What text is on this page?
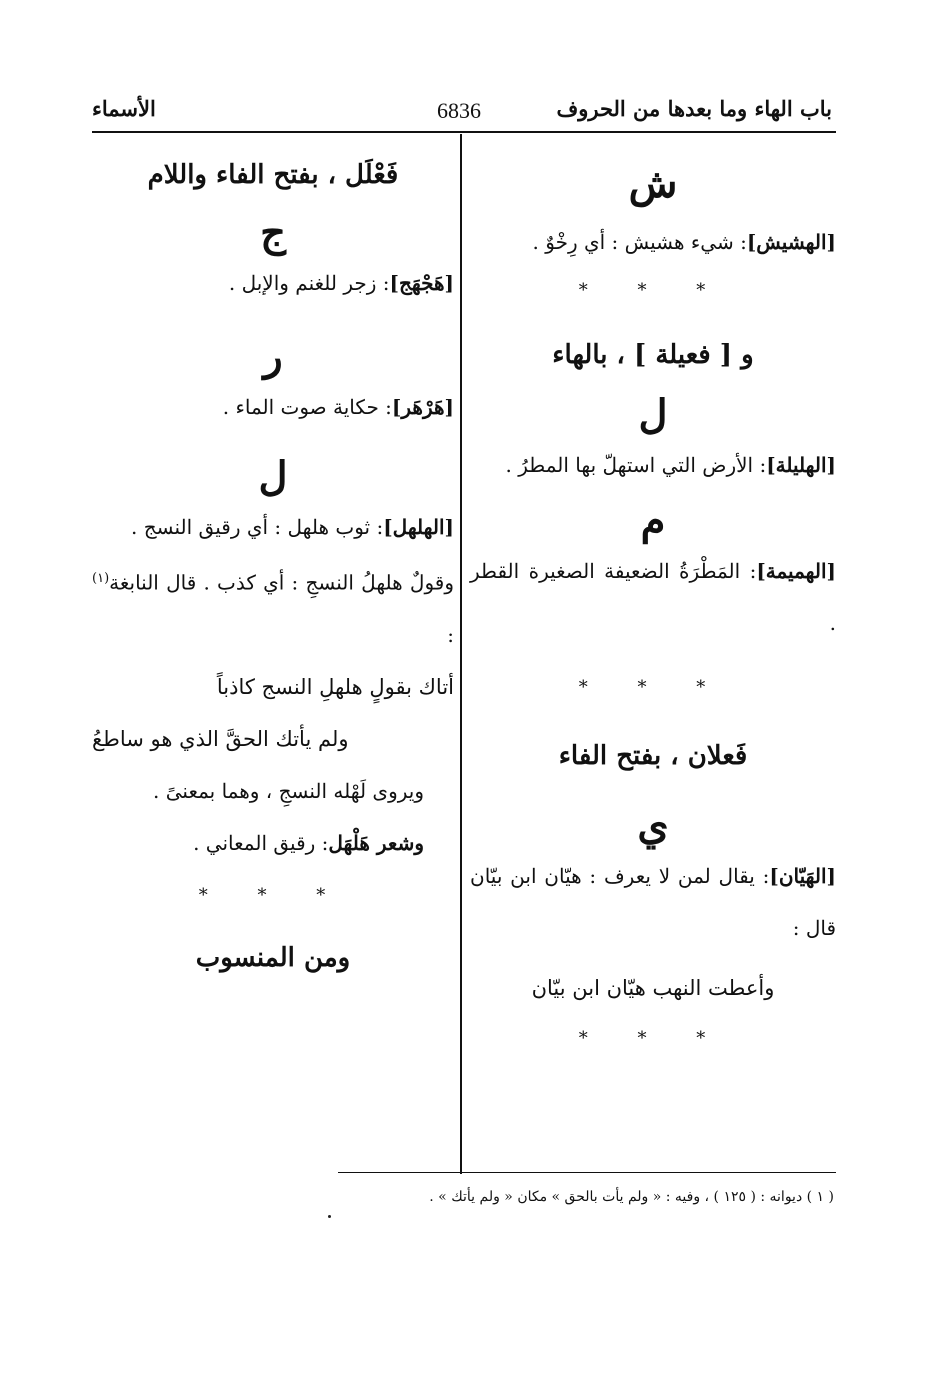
باب الهاء وما بعدها من الحروف
6836
الأسماء
ش
[الهشيش]: شيء هشيش : أي رِخْوٌ .
* * *
و [ فعيلة ] ، بالهاء
ل
[الهليلة]: الأرض التي استهلّ بها المطرُ .
م
[الهميمة]: المَطْرَةُ الضعيفة الصغيرة القطر .
* * *
فَعلان ، بفتح الفاء
ي
[الهَيّان]: يقال لمن لا يعرف : هيّان ابن بيّان قال :
وأعطت النهب هيّان ابن بيّان
* * *
فَعْلَل ، بفتح الفاء واللام
ج
[هَجْهَج]: زجر للغنم والإبل .
ر
[هَرْهَر]: حكاية صوت الماء .
ل
[الهلهل]: ثوب هلهل : أي رقيق النسج .
وقولٌ هلهلُ النسجِ : أي كذب . قال النابغة$^{(١)}$ :
أتاك بقولٍ هلهلِ النسج كاذباً
ولم يأتك الحقَّ الذي هو ساطعُ
ويروى لَهْله النسجِ ، وهما بمعنىً .
وشعر هَلْهَل: رقيق المعاني .
* * *
ومن المنسوب
( ١ ) ديوانه : ( ١٢٥ ) ، وفيه : « ولم يأت بالحق » مكان « ولم يأتك » .
